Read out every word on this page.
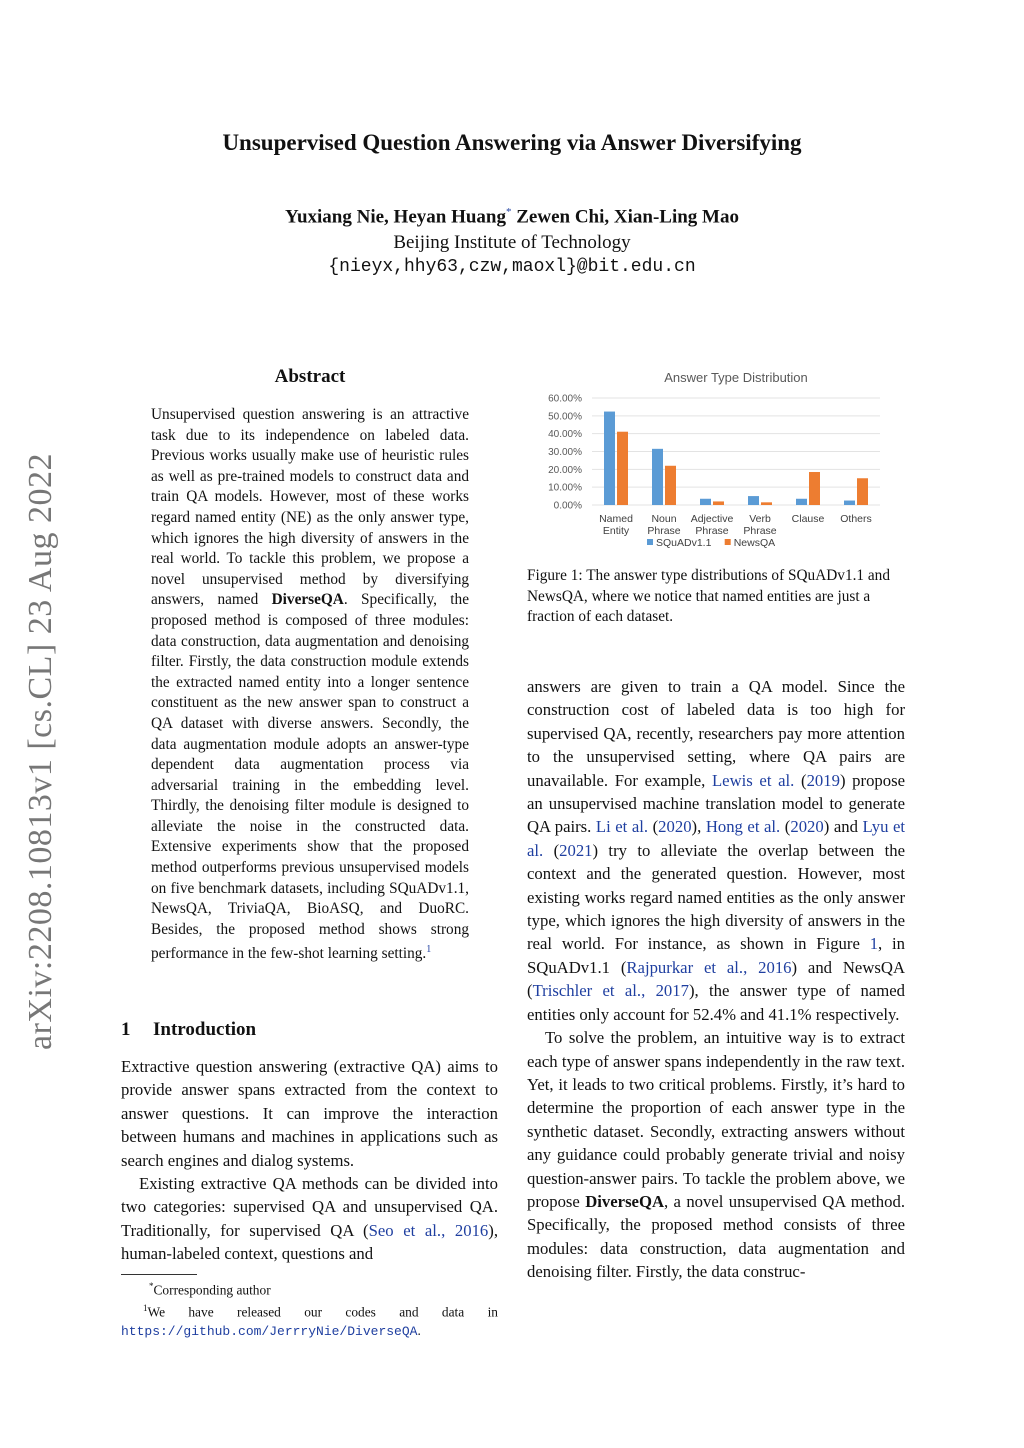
Unsupervised Question Answering via Answer Diversifying
Yuxiang Nie, Heyan Huang* Zewen Chi, Xian-Ling Mao
Beijing Institute of Technology
{nieyx,hhy63,czw,maoxl}@bit.edu.cn
arXiv:2208.10813v1 [cs.CL] 23 Aug 2022
Abstract
Unsupervised question answering is an attractive task due to its independence on labeled data. Previous works usually make use of heuristic rules as well as pre-trained models to construct data and train QA models. However, most of these works regard named entity (NE) as the only answer type, which ignores the high diversity of answers in the real world. To tackle this problem, we propose a novel unsupervised method by diversifying answers, named DiverseQA. Specifically, the proposed method is composed of three modules: data construction, data augmentation and denoising filter. Firstly, the data construction module extends the extracted named entity into a longer sentence constituent as the new answer span to construct a QA dataset with diverse answers. Secondly, the data augmentation module adopts an answer-type dependent data augmentation process via adversarial training in the embedding level. Thirdly, the denoising filter module is designed to alleviate the noise in the constructed data. Extensive experiments show that the proposed method outperforms previous unsupervised models on five benchmark datasets, including SQuADv1.1, NewsQA, TriviaQA, BioASQ, and DuoRC. Besides, the proposed method shows strong performance in the few-shot learning setting.$^1$
1 Introduction

Extractive question answering (extractive QA) aims to provide answer spans extracted from the context to answer questions. It can improve the interaction between humans and machines in applications such as search engines and dialog systems.

Existing extractive QA methods can be divided into two categories: supervised QA and unsupervised QA. Traditionally, for supervised QA (Seo et al., 2016), human-labeled context, questions and

*Corresponding author
$^1$We have released our codes and data in https://github.com/JerrryNie/DiverseQA.
Answer Type Distribution
0.00%
10.00%
20.00%
30.00%
40.00%
50.00%
60.00%
Named
Entity
Noun
Phrase
Adjective
Phrase
Verb
Phrase
Clause Others
SQuADv1.1 NewsQA
Figure 1: The answer type distributions of SQuADv1.1 and NewsQA, where we notice that named entities are just a fraction of each dataset.

answers are given to train a QA model. Since the construction cost of labeled data is too high for supervised QA, recently, researchers pay more attention to the unsupervised setting, where QA pairs are unavailable. For example, Lewis et al. (2019) propose an unsupervised machine translation model to generate QA pairs. Li et al. (2020), Hong et al. (2020) and Lyu et al. (2021) try to alleviate the overlap between the context and the generated question. However, most existing works regard named entities as the only answer type, which ignores the high diversity of answers in the real world. For instance, as shown in Figure 1, in SQuADv1.1 (Rajpurkar et al., 2016) and NewsQA (Trischler et al., 2017), the answer type of named entities only account for 52.4% and 41.1% respectively.

To solve the problem, an intuitive way is to extract each type of answer spans independently in the raw text. Yet, it leads to two critical problems. Firstly, it’s hard to determine the proportion of each answer type in the synthetic dataset. Secondly, extracting answers without any guidance could probably generate trivial and noisy question-answer pairs. To tackle the problem above, we propose DiverseQA, a novel unsupervised QA method. Specifically, the proposed method consists of three modules: data construction, data augmentation and denoising filter. Firstly, the data construc-
